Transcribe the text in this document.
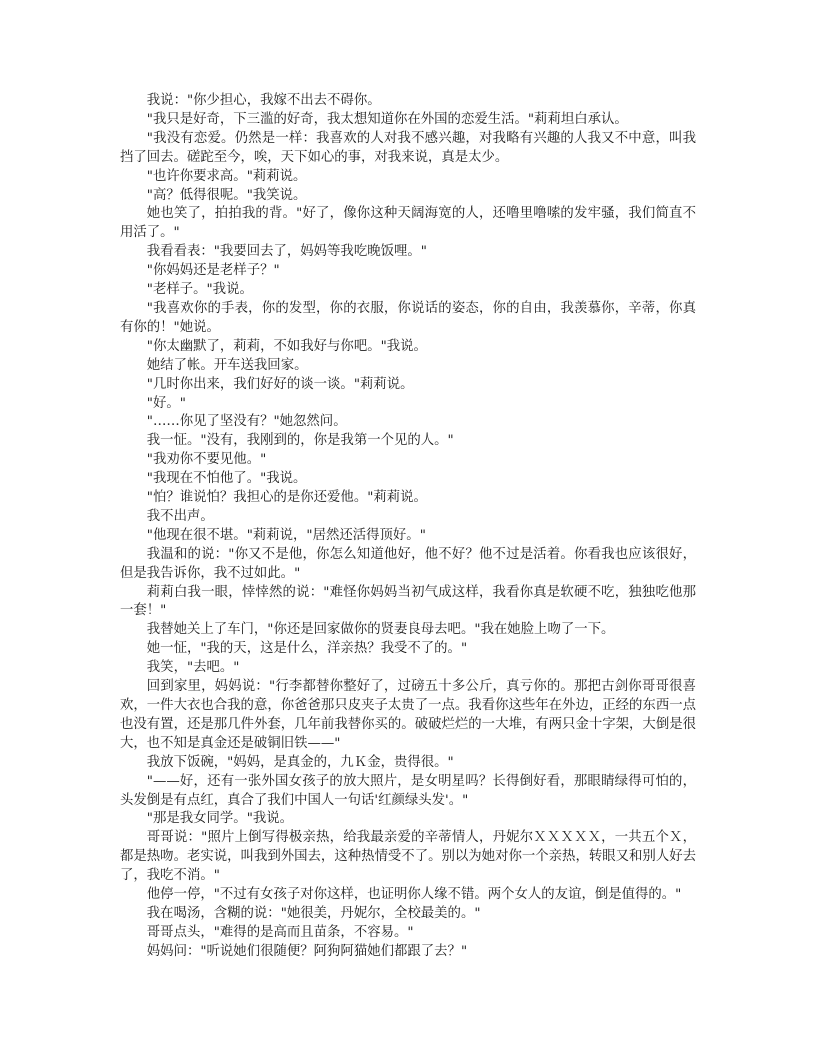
我说："你少担心，我嫁不出去不碍你。

"我只是好奇，下三滥的好奇，我太想知道你在外国的恋爱生活。"莉莉坦白承认。

"我没有恋爱。仍然是一样：我喜欢的人对我不感兴趣，对我略有兴趣的人我又不中意，叫我挡了回去。磋跎至今，唉，天下如心的事，对我来说，真是太少。

"也许你要求高。"莉莉说。

"高？低得很呢。"我笑说。

她也笑了，拍拍我的背。"好了，像你这种天阔海宽的人，还噜里噜嗦的发牢骚，我们简直不用活了。"

我看看表："我要回去了，妈妈等我吃晚饭哩。"

"你妈妈还是老样子？"

"老样子。"我说。

"我喜欢你的手表，你的发型，你的衣服，你说话的姿态，你的自由，我羡慕你，辛蒂，你真有你的！"她说。

"你太幽默了，莉莉，不如我好与你吧。"我说。

她结了帐。开车送我回家。

"几时你出来，我们好好的谈一谈。"莉莉说。

"好。"

"……你见了坚没有？"她忽然问。

我一怔。"没有，我刚到的，你是我第一个见的人。"

"我劝你不要见他。"

"我现在不怕他了。"我说。

"怕？谁说怕？我担心的是你还爱他。"莉莉说。

我不出声。

"他现在很不堪。"莉莉说，"居然还活得顶好。"

我温和的说："你又不是他，你怎么知道他好，他不好？他不过是活着。你看我也应该很好，但是我告诉你，我不过如此。"

莉莉白我一眼，悻悻然的说："难怪你妈妈当初气成这样，我看你真是软硬不吃，独独吃他那一套！"

我替她关上了车门，"你还是回家做你的贤妻良母去吧。"我在她脸上吻了一下。

她一怔，"我的天，这是什么，洋亲热？我受不了的。"

我笑，"去吧。"

回到家里，妈妈说："行李都替你整好了，过磅五十多公斤，真亏你的。那把古剑你哥哥很喜欢，一件大衣也合我的意，你爸爸那只皮夹子太贵了一点。我看你这些年在外边，正经的东西一点也没有置，还是那几件外套，几年前我替你买的。破破烂烂的一大堆，有两只金十字架，大倒是很大，也不知是真金还是破铜旧铁——"

我放下饭碗，"妈妈，是真金的，九Ｋ金，贵得很。"

"——好，还有一张外国女孩子的放大照片，是女明星吗？长得倒好看，那眼睛绿得可怕的，头发倒是有点红，真合了我们中国人一句话'红颜绿头发'。"

"那是我女同学。"我说。

哥哥说："照片上倒写得极亲热，给我最亲爱的辛蒂情人，丹妮尔ＸＸＸＸＸ，一共五个Ｘ，都是热吻。老实说，叫我到外国去，这种热情受不了。别以为她对你一个亲热，转眼又和别人好去了，我吃不消。"

他停一停，"不过有女孩子对你这样，也证明你人缘不错。两个女人的友谊，倒是值得的。"

我在喝汤，含糊的说："她很美，丹妮尔，全校最美的。"

哥哥点头，"难得的是高而且苗条，不容易。"

妈妈问："听说她们很随便？阿狗阿猫她们都跟了去？"
